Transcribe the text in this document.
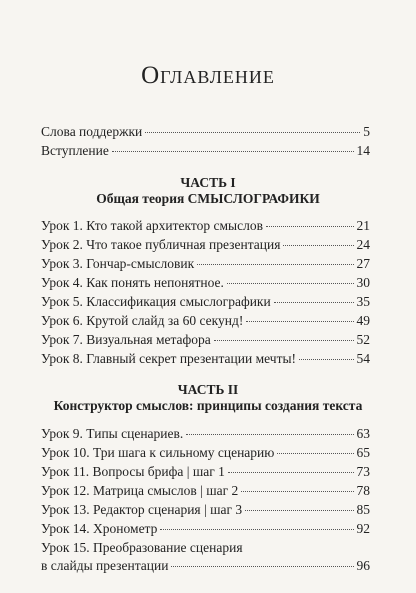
Оглавление
Слова поддержки	5
Вступление	14
ЧАСТЬ I
Общая теория СМЫСЛОГРАФИКИ
Урок 1. Кто такой архитектор смыслов	21
Урок 2. Что такое публичная презентация	24
Урок 3. Гончар-смысловик	27
Урок 4. Как понять непонятное.	30
Урок 5. Классификация смыслографики	35
Урок 6. Крутой слайд за 60 секунд!	49
Урок 7. Визуальная метафора	52
Урок 8. Главный секрет презентации мечты!	54
ЧАСТЬ II
Конструктор смыслов: принципы создания текста
Урок 9. Типы сценариев.	63
Урок 10. Три шага к сильному сценарию	65
Урок 11. Вопросы брифа | шаг 1	73
Урок 12. Матрица смыслов | шаг 2	78
Урок 13. Редактор сценария | шаг 3	85
Урок 14. Хронометр	92
Урок 15. Преобразование сценария
в слайды презентации	96
